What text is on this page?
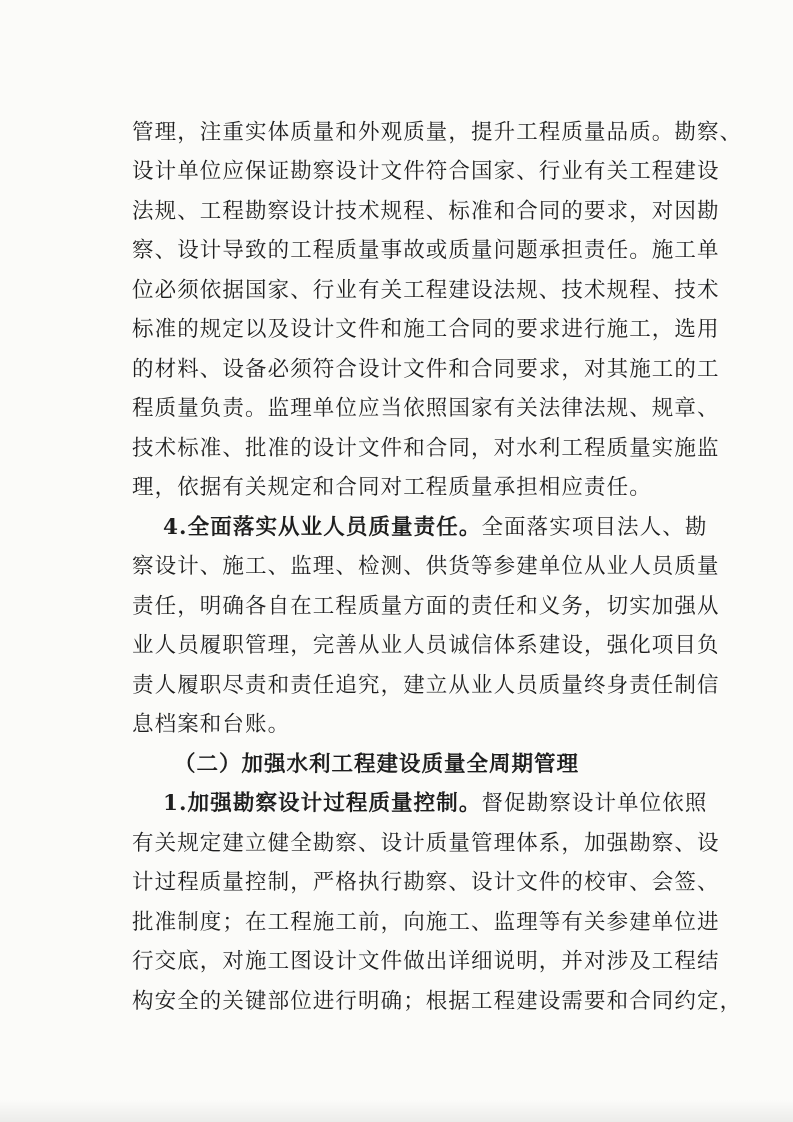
管理，注重实体质量和外观质量，提升工程质量品质。勘察、
设计单位应保证勘察设计文件符合国家、行业有关工程建设
法规、工程勘察设计技术规程、标准和合同的要求，对因勘
察、设计导致的工程质量事故或质量问题承担责任。施工单
位必须依据国家、行业有关工程建设法规、技术规程、技术
标准的规定以及设计文件和施工合同的要求进行施工，选用
的材料、设备必须符合设计文件和合同要求，对其施工的工
程质量负责。监理单位应当依照国家有关法律法规、规章、
技术标准、批准的设计文件和合同，对水利工程质量实施监
理，依据有关规定和合同对工程质量承担相应责任。
4.全面落实从业人员质量责任。全面落实项目法人、勘
察设计、施工、监理、检测、供货等参建单位从业人员质量
责任，明确各自在工程质量方面的责任和义务，切实加强从
业人员履职管理，完善从业人员诚信体系建设，强化项目负
责人履职尽责和责任追究，建立从业人员质量终身责任制信
息档案和台账。
（二）加强水利工程建设质量全周期管理
1.加强勘察设计过程质量控制。督促勘察设计单位依照
有关规定建立健全勘察、设计质量管理体系，加强勘察、设
计过程质量控制，严格执行勘察、设计文件的校审、会签、
批准制度；在工程施工前，向施工、监理等有关参建单位进
行交底，对施工图设计文件做出详细说明，并对涉及工程结
构安全的关键部位进行明确；根据工程建设需要和合同约定，
